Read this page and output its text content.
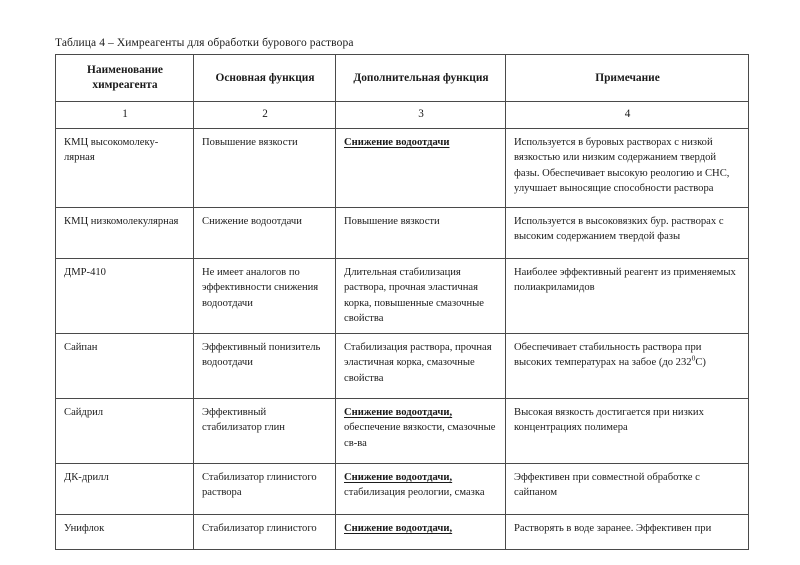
Таблица 4 – Химреагенты для обработки бурового раствора
Наименование
химреагента	Основная функция	Дополнительная функция	Примечание
1	2	3	4

КМЦ высокомолеку-
лярная	Повышение вязкости	Снижение водоотдачи	Используется в буровых растворах с низкой вязкостью или низким содержанием твердой фазы. Обеспечивает высокую реологию и СНС, улучшает выносящие способности раствора
КМЦ низкомолекулярная	Снижение водоотдачи	Повышение вязкости	Используется в высоковязких бур. растворах с высоким содержанием твердой фазы
ДМР-410	Не имеет аналогов по эффективности снижения водоотдачи	Длительная стабилизация раствора, прочная эластичная корка, повышенные смазочные свойства	Наиболее эффективный реагент из применяемых полиакриламидов
Сайпан	Эффективный понизитель водоотдачи	Стабилизация раствора, прочная эластичная корка, смазочные свойства	Обеспечивает стабильность раствора при высоких температурах на забое (до $232^0С$)
Сайдрил	Эффективный стабилизатор глин	Снижение водоотдачи,
обеспечение вязкости, смазочные св-ва	Высокая вязкость достигается при низких концентрациях полимера
ДК-дрилл	Стабилизатор глинистого раствора	Снижение водоотдачи,
стабилизация реологии, смазка	Эффективен при совместной обработке с сайпаном
Унифлок	Стабилизатор глинистого	Снижение водоотдачи,	Растворять в воде заранее. Эффективен при
